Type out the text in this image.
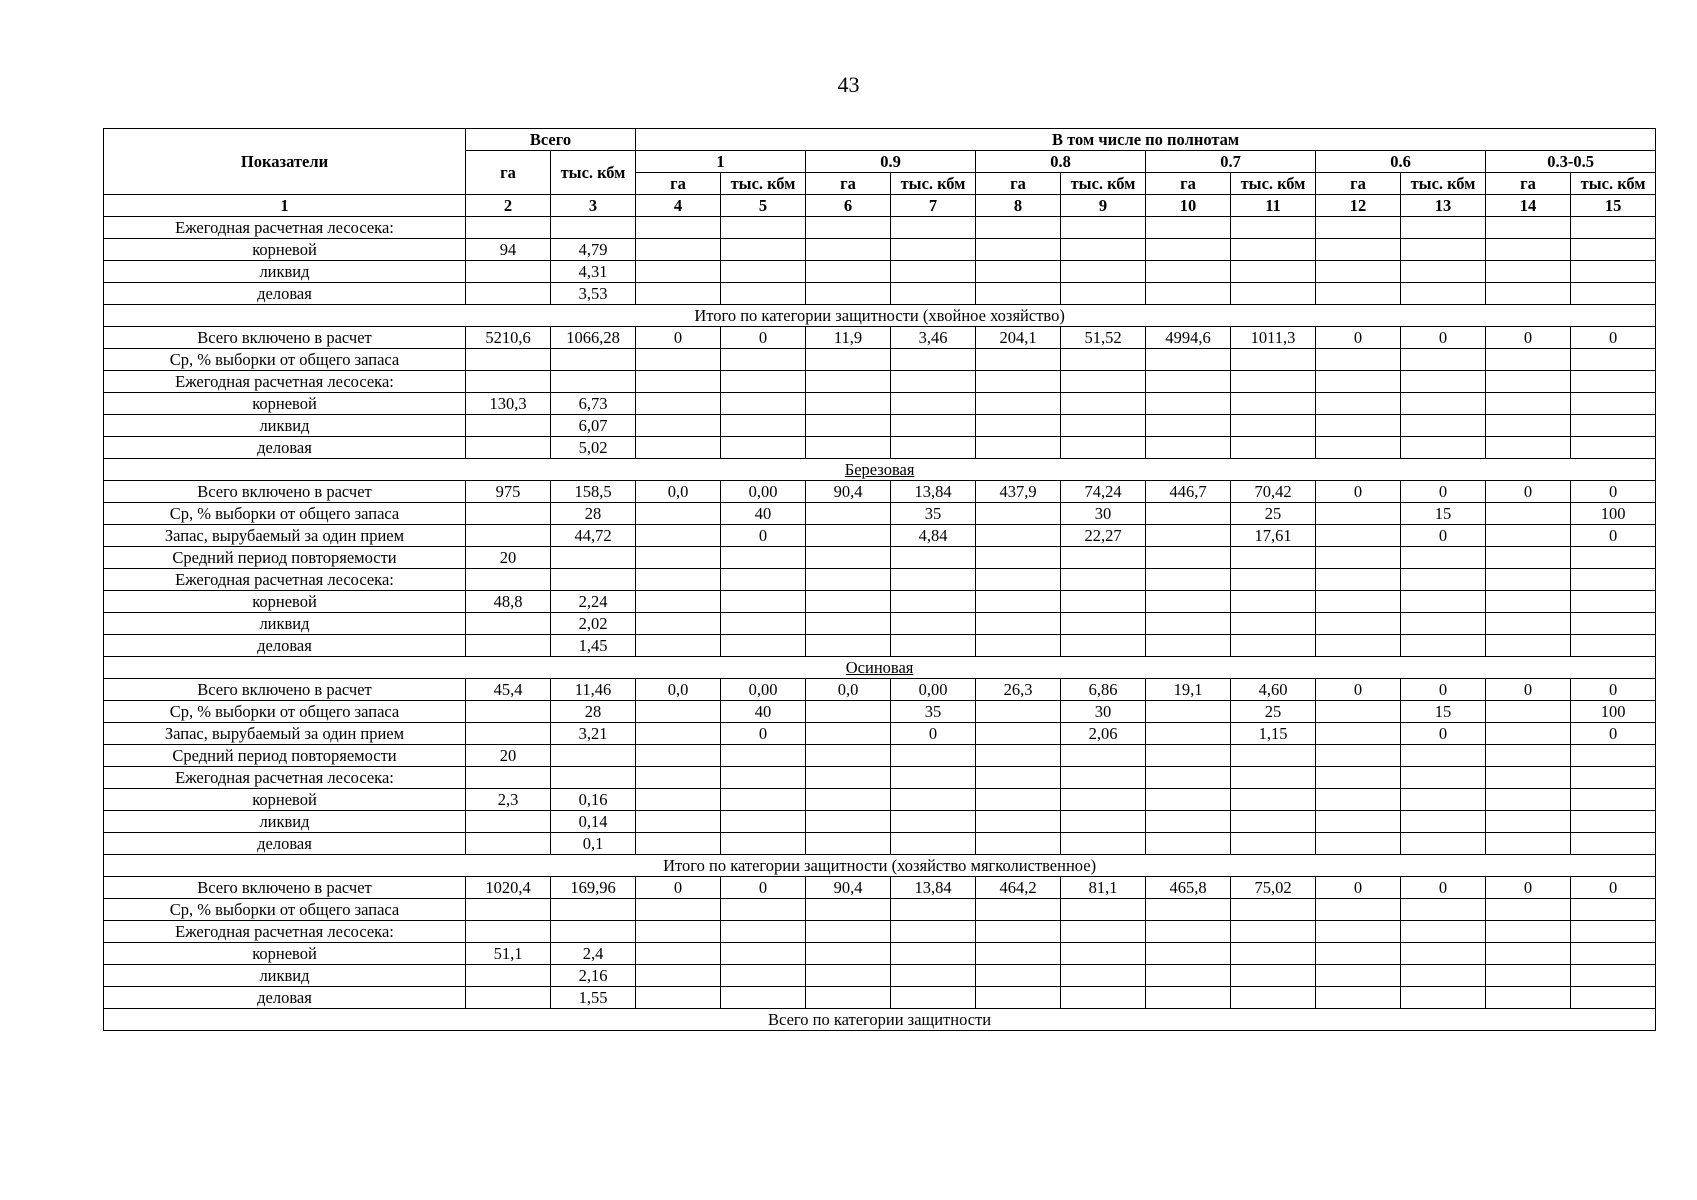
43
Показатели	Всего		В том числе по полнотам											
	га	тыс. кбм	1		0.9		0.8		0.7		0.6		0.3-0.5	
			га	тыс. кбм	га	тыс. кбм	га	тыс. кбм	га	тыс. кбм	га	тыс. кбм	га	тыс. кбм
1	2	3	4	5	6	7	8	9	10	11	12	13	14	15
Ежегодная расчетная лесосека:														
корневой	94	4,79												
ликвид		4,31												
деловая		3,53												
Итого по категории защитности (хвойное хозяйство)														
Всего включено в расчет	5210,6	1066,28	0	0	11,9	3,46	204,1	51,52	4994,6	1011,3	0	0	0	0
Ср, % выборки от общего запаса														
Ежегодная расчетная лесосека:														
корневой	130,3	6,73												
ликвид		6,07												
деловая		5,02												
Березовая														
Всего включено в расчет	975	158,5	0,0	0,00	90,4	13,84	437,9	74,24	446,7	70,42	0	0	0	0
Ср, % выборки от общего запаса		28		40		35		30		25		15		100
Запас, вырубаемый за один прием		44,72		0		4,84		22,27		17,61		0		0
Средний период повторяемости	20													
Ежегодная расчетная лесосека:														
корневой	48,8	2,24												
ликвид		2,02												
деловая		1,45												
Осиновая														
Всего включено в расчет	45,4	11,46	0,0	0,00	0,0	0,00	26,3	6,86	19,1	4,60	0	0	0	0
Ср, % выборки от общего запаса		28		40		35		30		25		15		100
Запас, вырубаемый за один прием		3,21		0		0		2,06		1,15		0		0
Средний период повторяемости	20													
Ежегодная расчетная лесосека:														
корневой	2,3	0,16												
ликвид		0,14												
деловая		0,1												
Итого по категории защитности (хозяйство мягколиственное)														
Всего включено в расчет	1020,4	169,96	0	0	90,4	13,84	464,2	81,1	465,8	75,02	0	0	0	0
Ср, % выборки от общего запаса														
Ежегодная расчетная лесосека:														
корневой	51,1	2,4												
ликвид		2,16												
деловая		1,55												
Всего по категории защитности														
